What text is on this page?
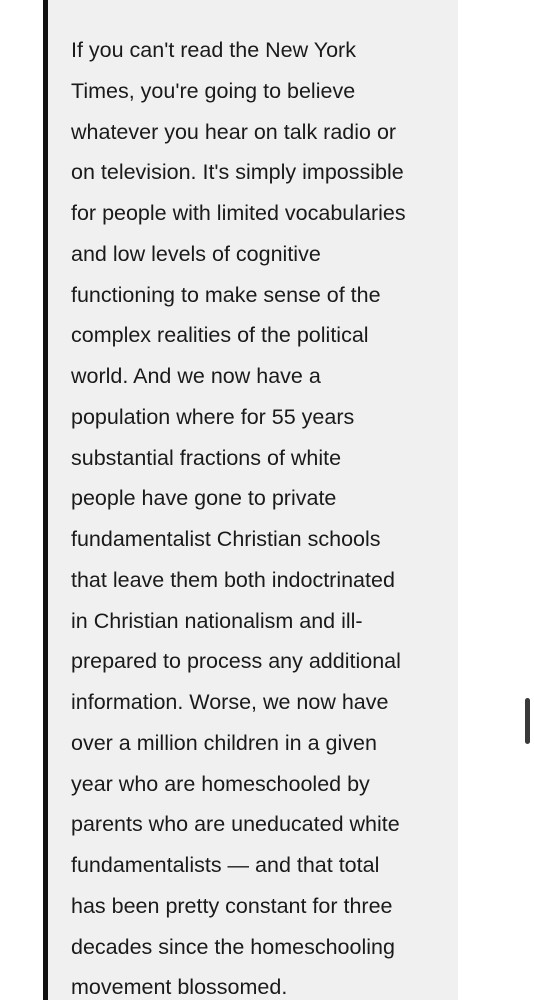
If you can't read the New York
Times, you're going to believe
whatever you hear on talk radio or
on television. It's simply impossible
for people with limited vocabularies
and low levels of cognitive
functioning to make sense of the
complex realities of the political
world. And we now have a
population where for 55 years
substantial fractions of white
people have gone to private
fundamentalist Christian schools
that leave them both indoctrinated
in Christian nationalism and ill-
prepared to process any additional
information. Worse, we now have
over a million children in a given
year who are homeschooled by
parents who are uneducated white
fundamentalists — and that total
has been pretty constant for three
decades since the homeschooling
movement blossomed.
